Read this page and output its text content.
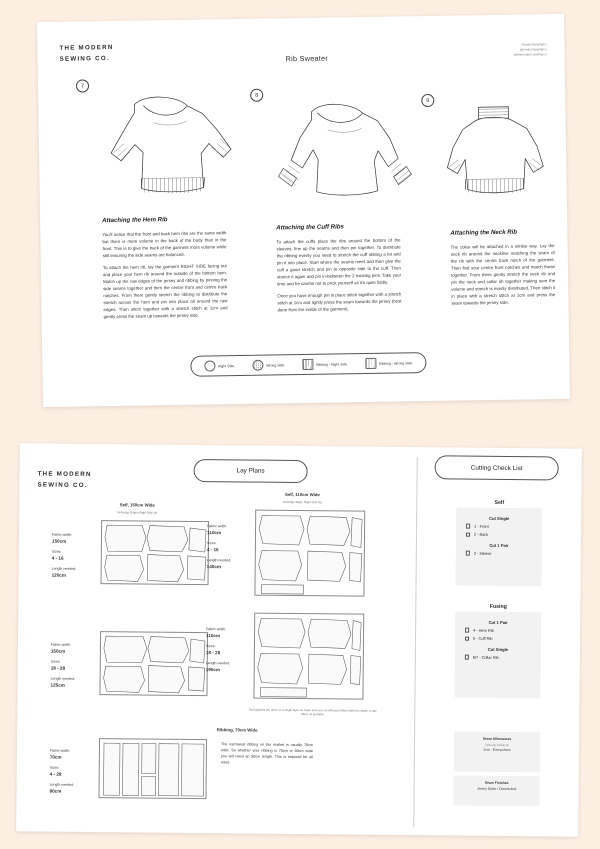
THE MODERN
SEWING CO.	Rib Sweater
#modernsewingco
@modernsewingco
@themodern.sewing.co
7
Attaching the Hem Rib

You'll notice that the front and back hem ribs are the same width but there is more volume in the back of the body than in the front. This is to give the back of the garment more volume while still ensuring the side seams are balanced.

To attach the hem rib, lay the garment RIGHT SIDE facing out and place your hem rib around the outside of the bottom hem. Match up the raw edges of the jersey and ribbing by pinning the side seams together and then the centre front and centre back notches. From there gently stretch the ribbing to distribute the stretch across the hem and pin into place all around the raw edges. Then stitch together with a stretch stitch at 1cm and gently press the seam up towards the jersey side.

8
Attaching the Cuff Ribs

To attach the cuffs place the ribs around the bottom of the sleeves, line up the seams and then pin together. To distribute the ribbing evenly you need to stretch the cuff ribbing a lot and pin it into place. Start where the seams meet and then give the cuff a good stretch and pin to opposite side to the cuff. Then stretch it again and pin in-between the 2 existing pins. Take your time and be careful not to prick yourself as it's quite fiddly.

Once you have enough pin in place stitch together with a stretch stitch at 1cm and lightly press the seam towards the jersey (best done from the inside of the garment).

9
Attaching the Neck Rib

The collar will be attached in a similar way. Lay the neck rib around the neckline matching the seam of the rib with the centre back notch of the garment. Then find your centre front notches and match those together. From there gently stretch the neck rib and pin the neck and collar rib together making sure the volume and stretch is evenly distributed. Then stitch it in place with a stretch stitch at 1cm and press the seam towards the jersey side.

Right Side	Wrong Side	Ribbing - Right Side	Ribbing - Wrong Side
THE MODERN
SEWING CO.
Lay Plans	Cutting Check List
Self, 150cm Wide
Selvedge Edges Right Side Up
Fabric width:
150cm
Sizes:
4 - 16
Length needed:
120cm
Fabric width:
150cm
Sizes:
18 - 28
Length needed:
125cm
Self, 110cm Wide
Selvedge Edge, Right Side Up
Fabric width:
110cm
Sizes:
4 - 16
Length needed:
140cm
Fabric width:
110cm
Sizes:
18 - 28
Length needed:
190cm
Our layplans are done on a single layer so make sure you cut with your fabric folded to waste or late fabric as possible.
Ribbing, 70cm Wide
Fabric width:
70cm
Sizes:
4 - 28
Length needed:
80cm
The narrowest ribbing on the market is usually 70cm wide. So whether your ribbing is 70cm or 90cm wide you will need an 80cm length. This is required for all sizes.
Self
Cut Single
1 - Front
2 - Back
Cut 1 Pair
3 - Sleeve
Fusing
Cut 1 Pair
4 - Hem Rib
5 - Cuff Rib
Cut Single
6/7 - Collar Rib
Seam Allowances
(already included)
1cm - Everywhere
Seam Finishes
Jersey Stitch / Overlocked
